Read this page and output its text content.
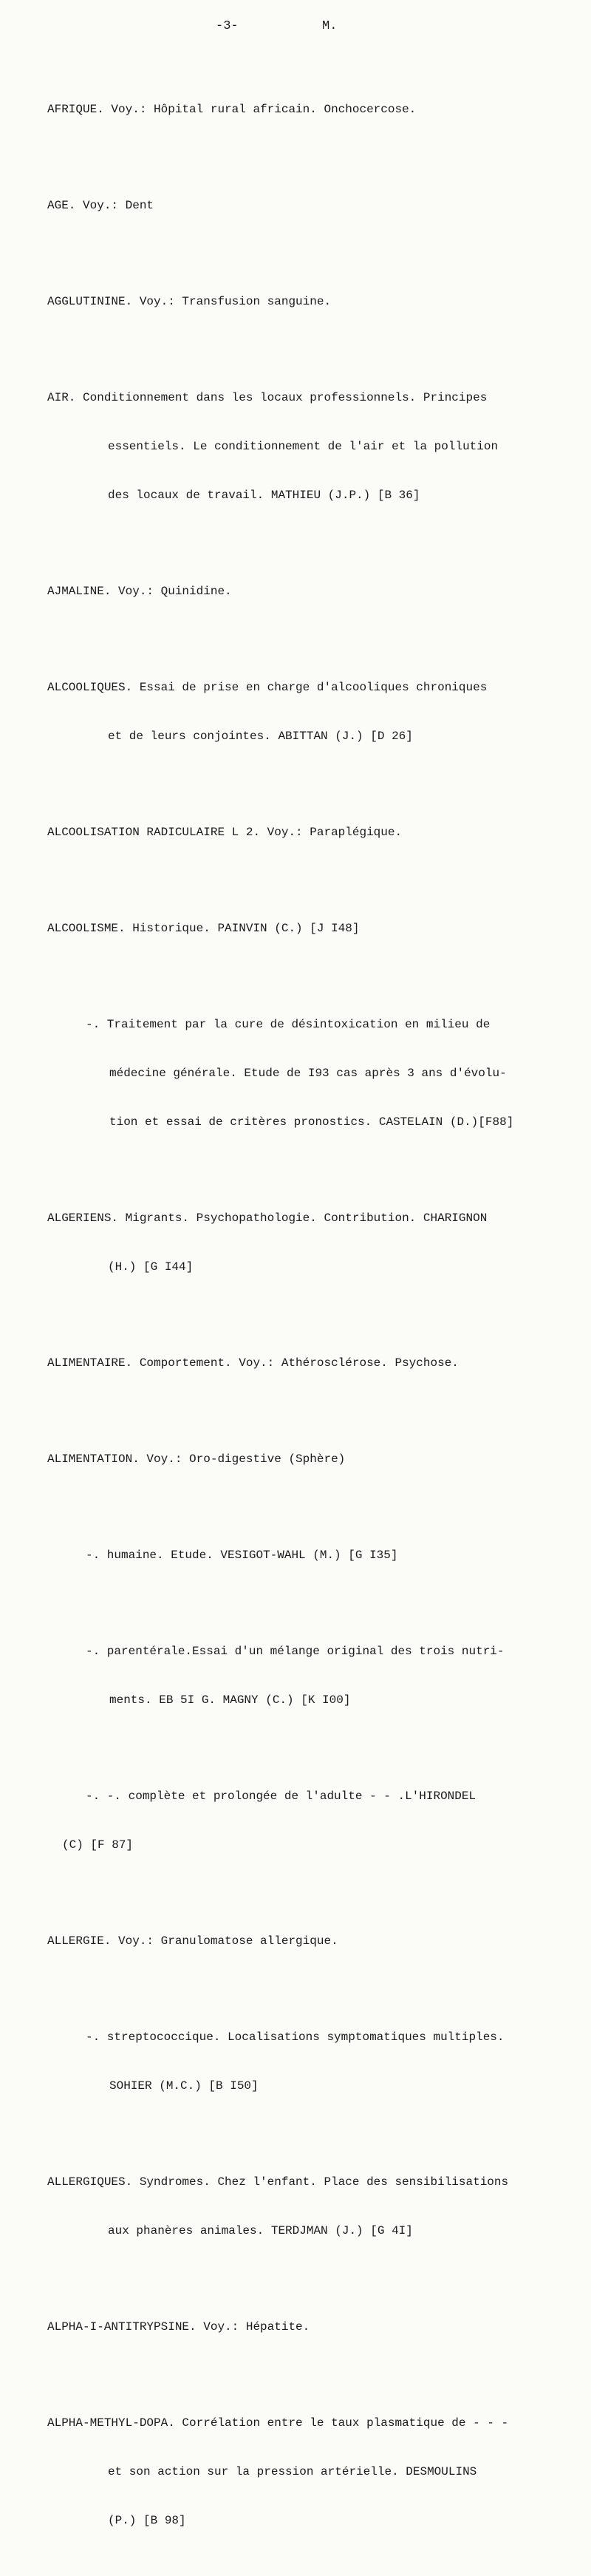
-3-	M.

AFRIQUE. Voy.: Hôpital rural africain. Onchocercose.

AGE. Voy.: Dent

AGGLUTININE. Voy.: Transfusion sanguine.

AIR. Conditionnement dans les locaux professionnels. Principes

essentiels. Le conditionnement de l'air et la pollution

des locaux de travail. MATHIEU (J.P.) [B 36]

AJMALINE. Voy.: Quinidine.

ALCOOLIQUES. Essai de prise en charge d'alcooliques chroniques

et de leurs conjointes. ABITTAN (J.) [D 26]

ALCOOLISATION RADICULAIRE L 2. Voy.: Paraplégique.

ALCOOLISME. Historique. PAINVIN (C.) [J I48]

-. Traitement par la cure de désintoxication en milieu de

médecine générale. Etude de I93 cas après 3 ans d'évolu-

tion et essai de critères pronostics. CASTELAIN (D.)[F88]

ALGERIENS. Migrants. Psychopathologie. Contribution. CHARIGNON

(H.) [G I44]

ALIMENTAIRE. Comportement. Voy.: Athérosclérose. Psychose.

ALIMENTATION. Voy.: Oro-digestive (Sphère)

-. humaine. Etude. VESIGOT-WAHL (M.) [G I35]

-. parentérale.Essai d'un mélange original des trois nutri-

ments. EB 5I G. MAGNY (C.) [K I00]

-. -. complète et prolongée de l'adulte - - .L'HIRONDEL

(C) [F 87]

ALLERGIE. Voy.: Granulomatose allergique.

-. streptococcique. Localisations symptomatiques multiples.

SOHIER (M.C.) [B I50]

ALLERGIQUES. Syndromes. Chez l'enfant. Place des sensibilisations

aux phanères animales. TERDJMAN (J.) [G 4I]

ALPHA-I-ANTITRYPSINE. Voy.: Hépatite.

ALPHA-METHYL-DOPA. Corrélation entre le taux plasmatique de - - -

et son action sur la pression artérielle. DESMOULINS

(P.) [B 98]
